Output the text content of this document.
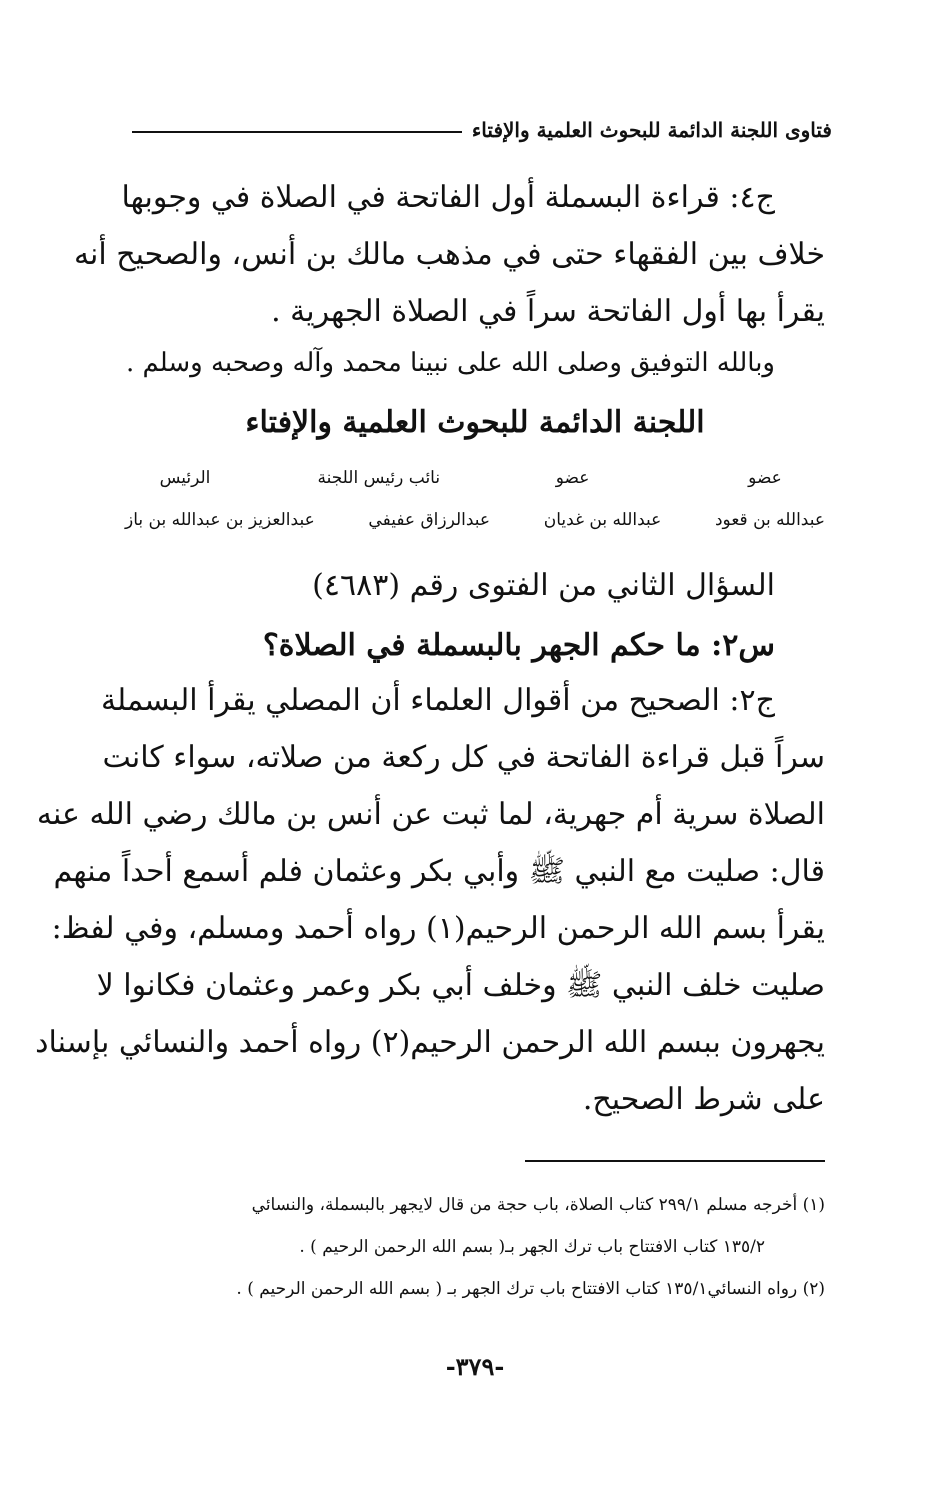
فتاوى اللجنة الدائمة للبحوث العلمية والإفتاء
ج٤: قراءة البسملة أول الفاتحة في الصلاة في وجوبها
خلاف بين الفقهاء حتى في مذهب مالك بن أنس، والصحيح أنه
يقرأ بها أول الفاتحة سراً في الصلاة الجهرية .
وبالله التوفيق وصلى الله على نبينا محمد وآله وصحبه وسلم .
اللجنة الدائمة للبحوث العلمية والإفتاء
عضو
عضو
نائب رئيس اللجنة
الرئيس
عبدالله بن قعود
عبدالله بن غديان
عبدالرزاق عفيفي
عبدالعزيز بن عبدالله بن باز
السؤال الثاني من الفتوى رقم (٤٦٨٣)
س٢: ما حكم الجهر بالبسملة في الصلاة؟
ج٢: الصحيح من أقوال العلماء أن المصلي يقرأ البسملة
سراً قبل قراءة الفاتحة في كل ركعة من صلاته، سواء كانت
الصلاة سرية أم جهرية، لما ثبت عن أنس بن مالك رضي الله عنه
قال: صليت مع النبي ﷺ وأبي بكر وعثمان فلم أسمع أحداً منهم
يقرأ بسم الله الرحمن الرحيم(١) رواه أحمد ومسلم، وفي لفظ:
صليت خلف النبي ﷺ وخلف أبي بكر وعمر وعثمان فكانوا لا
يجهرون ببسم الله الرحمن الرحيم(٢) رواه أحمد والنسائي بإسناد
على شرط الصحيح.
(١) أخرجه مسلم ٢٩٩/١ كتاب الصلاة، باب حجة من قال لايجهر بالبسملة، والنسائي
١٣٥/٢ كتاب الافتتاح باب ترك الجهر بـ( بسم الله الرحمن الرحيم ) .
(٢) رواه النسائي١٣٥/١ كتاب الافتتاح باب ترك الجهر بـ ( بسم الله الرحمن الرحيم ) .
-٣٧٩-
